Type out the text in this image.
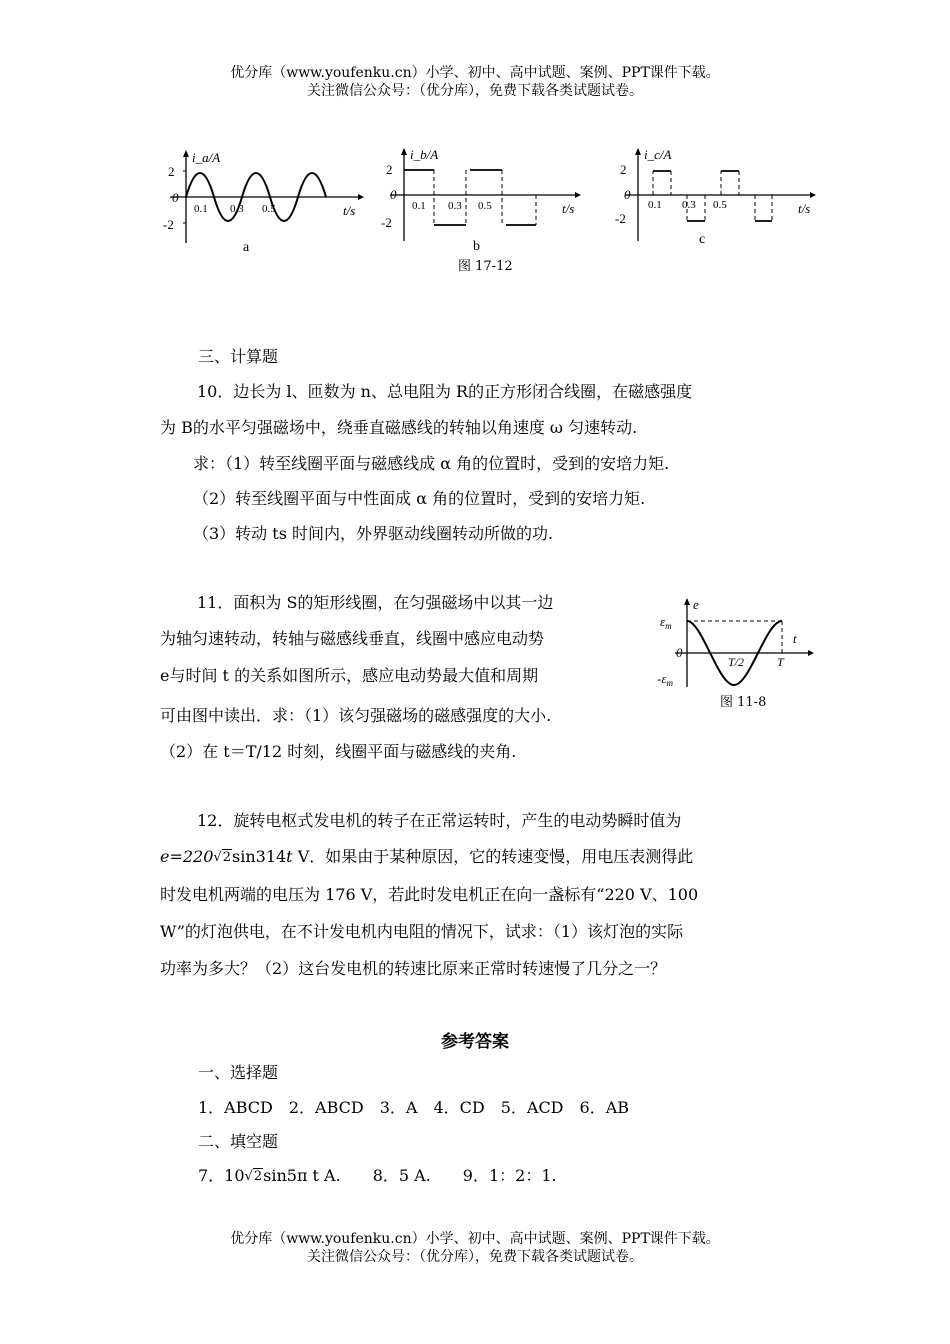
优分库（www.youfenku.cn）小学、初中、高中试题、案例、PPT课件下载。
关注微信公众号：（优分库），免费下载各类试题试卷。
i_a/A
2
0
-2
0.1 0.3 0.5	t/s
a
i_b/A
2
0
-2
0.1 0.3 0.5	t/s
b
i_c/A
2
0
-2
0.1 0.3 0.5	t/s
c
图 17-12
三、计算题
10．边长为 l、匝数为 n、总电阻为 R的正方形闭合线圈，在磁感强度
为 B的水平匀强磁场中，绕垂直磁感线的转轴以角速度 ω 匀速转动.
求：（1）转至线圈平面与磁感线成 α 角的位置时，受到的安培力矩.
（2）转至线圈平面与中性面成 α 角的位置时，受到的安培力矩.
（3）转动 ts 时间内，外界驱动线圈转动所做的功.
11．面积为 S的矩形线圈，在匀强磁场中以其一边
为轴匀速转动，转轴与磁感线垂直，线圈中感应电动势
e与时间 t 的关系如图所示，感应电动势最大值和周期
可由图中读出．求：（1）该匀强磁场的磁感强度的大小.
（2）在 t＝T/12 时刻，线圈平面与磁感线的夹角.
e
t
$\varepsilon_m$
$-\varepsilon_m$
0
T/2	T
图 11-8
12．旋转电枢式发电机的转子在正常运转时，产生的电动势瞬时值为
e=220√2sin314t V．如果由于某种原因，它的转速变慢，用电压表测得此
时发电机两端的电压为 176 V，若此时发电机正在向一盏标有“220 V、100
W”的灯泡供电，在不计发电机内电阻的情况下，试求：（1）该灯泡的实际
功率为多大？（2）这台发电机的转速比原来正常时转速慢了几分之一？
参考答案
一、选择题
1．ABCD　2．ABCD　3．A　4．CD　5．ACD　6．AB
二、填空题
7．10√2sin5π t A.　　8．5 A.　　9．1：2：1.
优分库（www.youfenku.cn）小学、初中、高中试题、案例、PPT课件下载。
关注微信公众号：（优分库），免费下载各类试题试卷。
